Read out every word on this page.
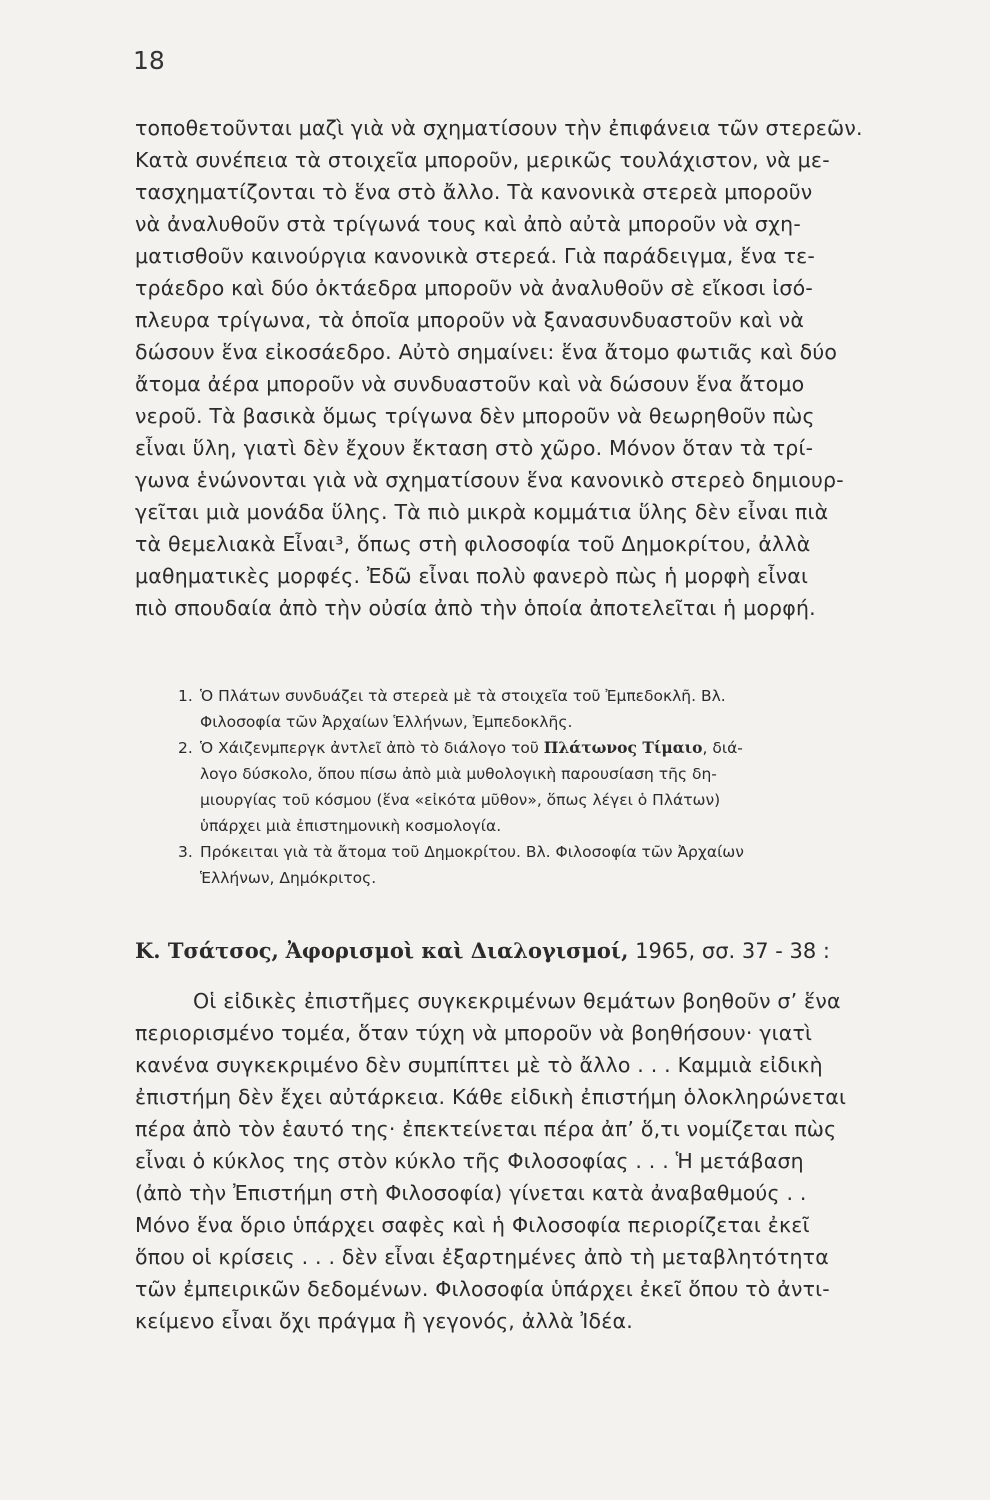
18
τοποθετοῦνται μαζὶ γιὰ νὰ σχηματίσουν τὴν ἐπιφάνεια τῶν στερεῶν.
Κατὰ συνέπεια τὰ στοιχεῖα μποροῦν, μερικῶς τουλάχιστον, νὰ με-
τασχηματίζονται τὸ ἕνα στὸ ἄλλο. Τὰ κανονικὰ στερεὰ μποροῦν
νὰ ἀναλυθοῦν στὰ τρίγωνά τους καὶ ἀπὸ αὐτὰ μποροῦν νὰ σχη-
ματισθοῦν καινούργια κανονικὰ στερεά. Γιὰ παράδειγμα, ἕνα τε-
τράεδρο καὶ δύο ὀκτάεδρα μποροῦν νὰ ἀναλυθοῦν σὲ εἴκοσι ἰσό-
πλευρα τρίγωνα, τὰ ὁποῖα μποροῦν νὰ ξανασυνδυαστοῦν καὶ νὰ
δώσουν ἕνα εἰκοσάεδρο. Αὐτὸ σημαίνει: ἕνα ἄτομο φωτιᾶς καὶ δύο
ἄτομα ἀέρα μποροῦν νὰ συνδυαστοῦν καὶ νὰ δώσουν ἕνα ἄτομο
νεροῦ. Τὰ βασικὰ ὅμως τρίγωνα δὲν μποροῦν νὰ θεωρηθοῦν πὼς
εἶναι ὕλη, γιατὶ δὲν ἔχουν ἔκταση στὸ χῶρο. Μόνον ὅταν τὰ τρί-
γωνα ἑνώνονται γιὰ νὰ σχηματίσουν ἕνα κανονικὸ στερεὸ δημιουρ-
γεῖται μιὰ μονάδα ὕλης. Τὰ πιὸ μικρὰ κομμάτια ὕλης δὲν εἶναι πιὰ
τὰ θεμελιακὰ Εἶναι³, ὅπως στὴ φιλοσοφία τοῦ Δημοκρίτου, ἀλλὰ
μαθηματικὲς μορφές. Ἐδῶ εἶναι πολὺ φανερὸ πὼς ἡ μορφὴ εἶναι
πιὸ σπουδαία ἀπὸ τὴν οὐσία ἀπὸ τὴν ὁποία ἀποτελεῖται ἡ μορφή.
1. Ὁ Πλάτων συνδυάζει τὰ στερεὰ μὲ τὰ στοιχεῖα τοῦ Ἐμπεδοκλῆ. Βλ.
Φιλοσοφία τῶν Ἀρχαίων Ἑλλήνων, Ἐμπεδοκλῆς.
2. Ὁ Χάιζενμπεργκ ἀντλεῖ ἀπὸ τὸ διάλογο τοῦ Πλάτωνος Τίμαιο, διά-
λογο δύσκολο, ὅπου πίσω ἀπὸ μιὰ μυθολογικὴ παρουσίαση τῆς δη-
μιουργίας τοῦ κόσμου (ἕνα «εἰκότα μῦθον», ὅπως λέγει ὁ Πλάτων)
ὑπάρχει μιὰ ἐπιστημονικὴ κοσμολογία.
3. Πρόκειται γιὰ τὰ ἄτομα τοῦ Δημοκρίτου. Βλ. Φιλοσοφία τῶν Ἀρχαίων
Ἑλλήνων, Δημόκριτος.
Κ. Τσάτσος, Ἀφορισμοὶ καὶ Διαλογισμοί, 1965, σσ. 37 - 38 :
Οἱ εἰδικὲς ἐπιστῆμες συγκεκριμένων θεμάτων βοηθοῦν σ’ ἕνα
περιορισμένο τομέα, ὅταν τύχη νὰ μποροῦν νὰ βοηθήσουν· γιατὶ
κανένα συγκεκριμένο δὲν συμπίπτει μὲ τὸ ἄλλο . . . Καμμιὰ εἰδικὴ
ἐπιστήμη δὲν ἔχει αὐτάρκεια. Κάθε εἰδικὴ ἐπιστήμη ὁλοκληρώνεται
πέρα ἀπὸ τὸν ἑαυτό της· ἐπεκτείνεται πέρα ἀπ’ ὅ,τι νομίζεται πὼς
εἶναι ὁ κύκλος της στὸν κύκλο τῆς Φιλοσοφίας . . . Ἡ μετάβαση
(ἀπὸ τὴν Ἐπιστήμη στὴ Φιλοσοφία) γίνεται κατὰ ἀναβαθμούς . .
Μόνο ἕνα ὅριο ὑπάρχει σαφὲς καὶ ἡ Φιλοσοφία περιορίζεται ἐκεῖ
ὅπου οἱ κρίσεις . . . δὲν εἶναι ἐξαρτημένες ἀπὸ τὴ μεταβλητότητα
τῶν ἐμπειρικῶν δεδομένων. Φιλοσοφία ὑπάρχει ἐκεῖ ὅπου τὸ ἀντι-
κείμενο εἶναι ὄχι πράγμα ἢ γεγονός, ἀλλὰ Ἰδέα.
